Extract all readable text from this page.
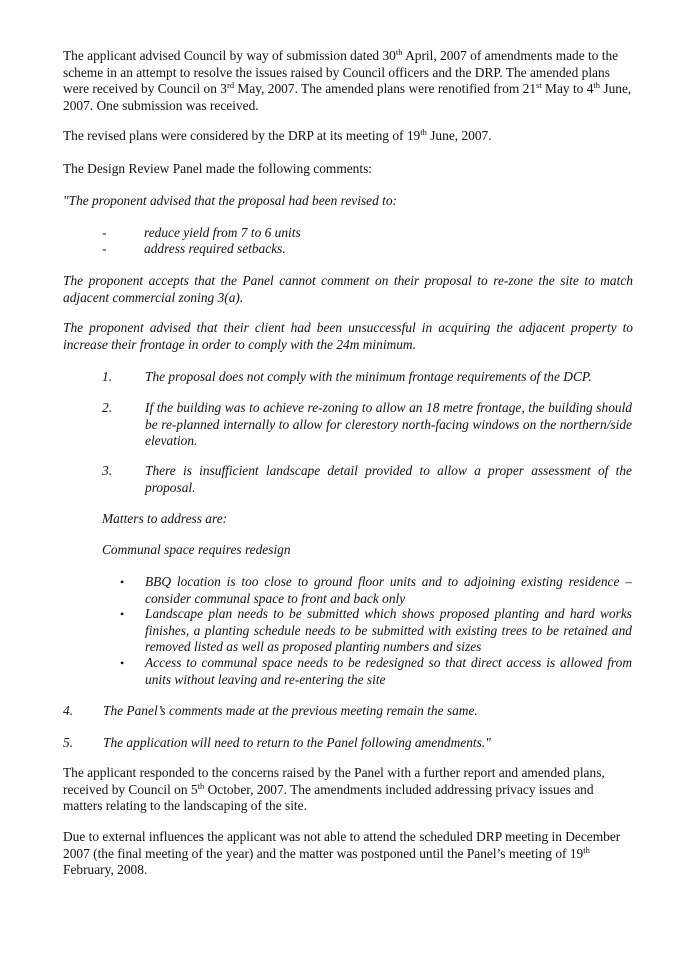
The applicant advised Council by way of submission dated 30th April, 2007 of amendments made to the scheme in an attempt to resolve the issues raised by Council officers and the DRP. The amended plans were received by Council on 3rd May, 2007. The amended plans were renotified from 21st May to 4th June, 2007. One submission was received.

The revised plans were considered by the DRP at its meeting of 19th June, 2007.

The Design Review Panel made the following comments:

"The proponent advised that the proposal had been revised to:

-	reduce yield from 7 to 6 units
-	address required setbacks.

The proponent accepts that the Panel cannot comment on their proposal to re-zone the site to match adjacent commercial zoning 3(a).

The proponent advised that their client had been unsuccessful in acquiring the adjacent property to increase their frontage in order to comply with the 24m minimum.

1. The proposal does not comply with the minimum frontage requirements of the DCP.
2. If the building was to achieve re-zoning to allow an 18 metre frontage, the building should be re-planned internally to allow for clerestory north-facing windows on the northern/side elevation.
3. There is insufficient landscape detail provided to allow a proper assessment of the proposal.

Matters to address are:

Communal space requires redesign

• BBQ location is too close to ground floor units and to adjoining existing residence – consider communal space to front and back only
• Landscape plan needs to be submitted which shows proposed planting and hard works finishes, a planting schedule needs to be submitted with existing trees to be retained and removed listed as well as proposed planting numbers and sizes
• Access to communal space needs to be redesigned so that direct access is allowed from units without leaving and re-entering the site
4. The Panel’s comments made at the previous meeting remain the same.
5. The application will need to return to the Panel following amendments."

The applicant responded to the concerns raised by the Panel with a further report and amended plans, received by Council on 5th October, 2007. The amendments included addressing privacy issues and matters relating to the landscaping of the site.

Due to external influences the applicant was not able to attend the scheduled DRP meeting in December 2007 (the final meeting of the year) and the matter was postponed until the Panel’s meeting of 19th February, 2008.
